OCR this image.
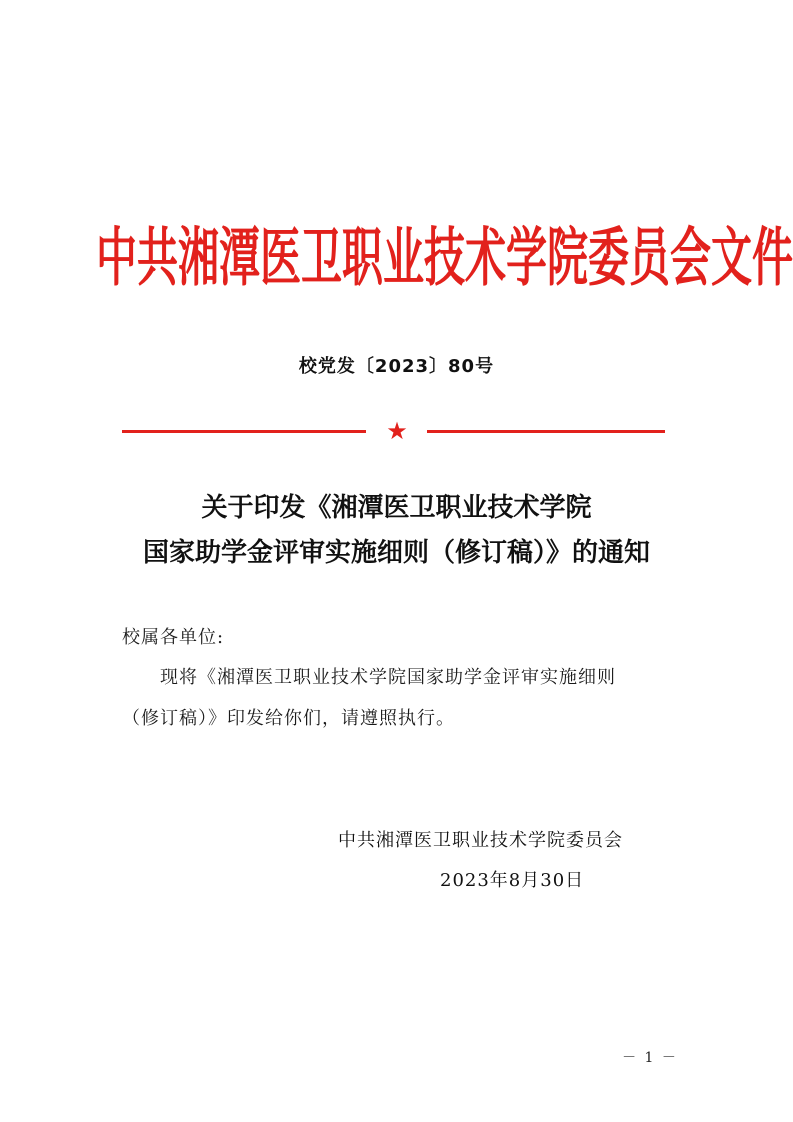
中共湘潭医卫职业技术学院委员会文件
校党发〔2023〕80号
★
关于印发《湘潭医卫职业技术学院
国家助学金评审实施细则（修订稿）》的通知
校属各单位:
现将《湘潭医卫职业技术学院国家助学金评审实施细则
（修订稿）》印发给你们，请遵照执行。
中共湘潭医卫职业技术学院委员会
2023年8月30日
－ 1 －
